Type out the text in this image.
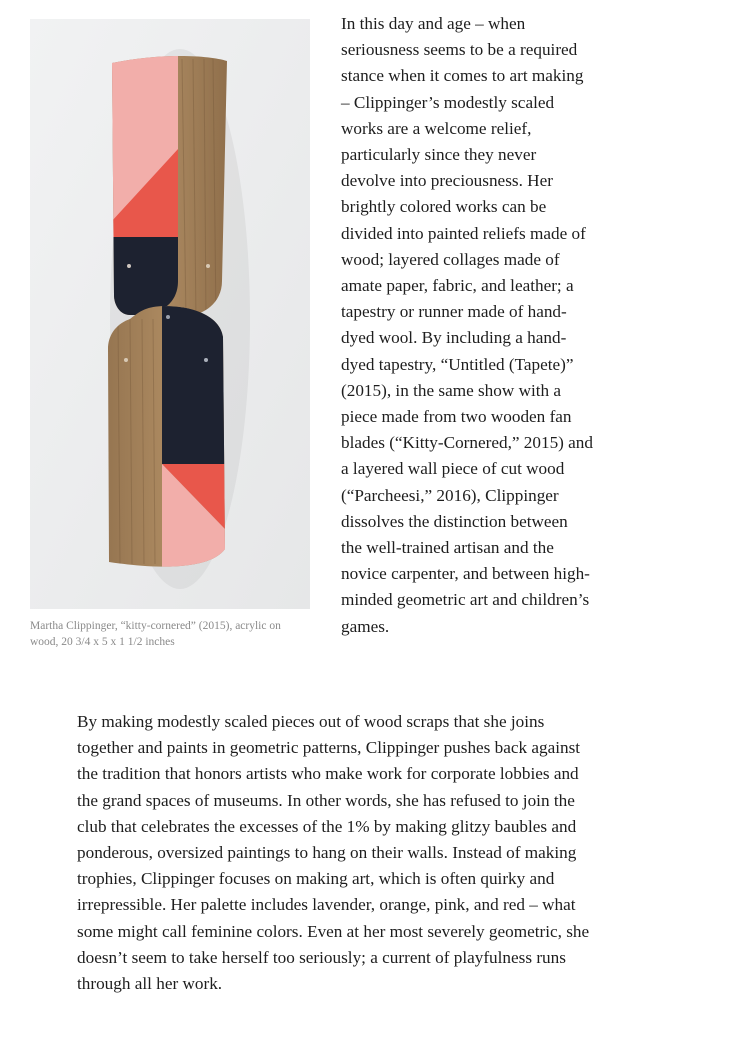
Martha Clippinger, “kitty-cornered” (2015), acrylic on wood, 20 3/4 x 5 x 1 1/2 inches

In this day and age – when seriousness seems to be a required stance when it comes to art making – Clippinger’s modestly scaled works are a welcome relief, particularly since they never devolve into preciousness. Her brightly colored works can be divided into painted reliefs made of wood; layered collages made of amate paper, fabric, and leather; a tapestry or runner made of hand-dyed wool. By including a hand-dyed tapestry, “Untitled (Tapete)” (2015), in the same show with a piece made from two wooden fan blades (“Kitty-Cornered,” 2015) and a layered wall piece of cut wood (“Parcheesi,” 2016), Clippinger dissolves the distinction between the well-trained artisan and the novice carpenter, and between high-minded geometric art and children’s games.

By making modestly scaled pieces out of wood scraps that she joins together and paints in geometric patterns, Clippinger pushes back against the tradition that honors artists who make work for corporate lobbies and the grand spaces of museums. In other words, she has refused to join the club that celebrates the excesses of the 1% by making glitzy baubles and ponderous, oversized paintings to hang on their walls. Instead of making trophies, Clippinger focuses on making art, which is often quirky and irrepressible. Her palette includes lavender, orange, pink, and red – what some might call feminine colors. Even at her most severely geometric, she doesn’t seem to take herself too seriously; a current of playfulness runs through all her work.
